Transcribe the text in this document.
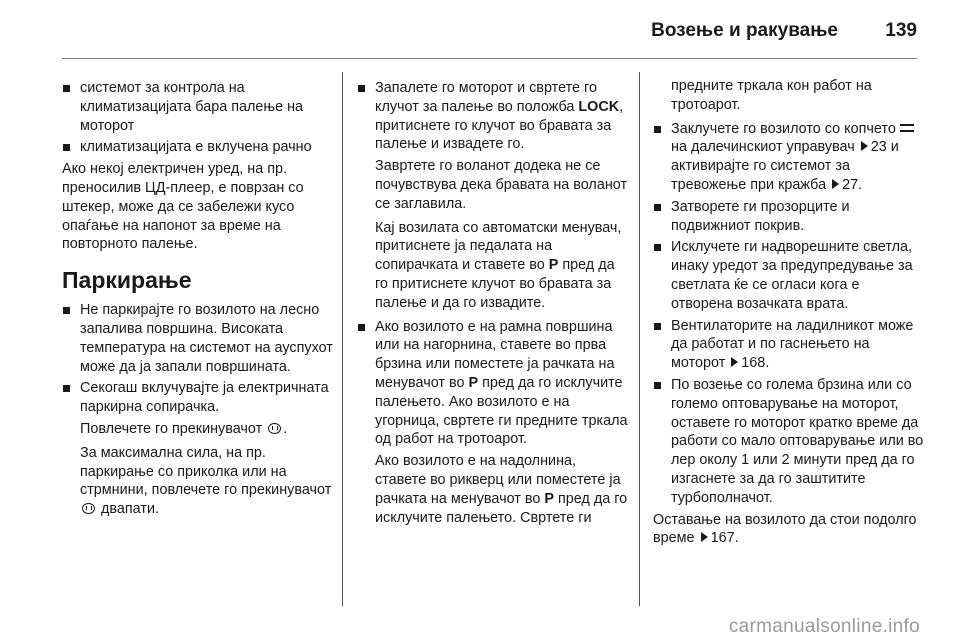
Возење и ракување 139
системот за контрола на климатизацијата бара палење на моторот
климатизацијата е вклучена рачно
Ако некој електричен уред, на пр. преносилив ЦД-плеер, е поврзан со штекер, може да се забележи кусо опаѓање на напонот за време на повторното палење.
Паркирање
Не паркирајте го возилото на лесно запалива површина. Високата температура на системот на ауспухот може да ја запали површината.
Секогаш вклучувајте ја електричната паркирна сопирачка.
Повлечете го прекинувачот .
За максимална сила, на пр. паркирање со приколка или на стрмнини, повлечете го прекинувачот  двапати.
Запалете го моторот и свртете го клучот за палење во положба LOCK, притиснете го клучот во бравата за палење и извадете го.
Завртете го воланот додека не се почувствува дека бравата на воланот се заглавила.
Кај возилата со автоматски менувач, притиснете ја педалата на сопирачката и ставете во P пред да го притиснете клучот во бравата за палење и да го извадите.
Ако возилото е на рамна површина или на нагорнина, ставете во прва брзина или поместете ја рачката на менувачот во P пред да го исклучите палењето. Ако возилото е на угорница, свртете ги предните тркала од работ на тротоарот.
Ако возилото е на надолнина, ставете во рикверц или поместете ја рачката на менувачот во P пред да го исклучите палењето. Свртете ги
предните тркала кон работ на тротоарот.
Заклучете го возилото со копчето на далечинскиот управувач 23 и активирајте го системот за тревожење при кражба 27.
Затворете ги прозорците и подвижниот покрив.
Исклучете ги надворешните светла, инаку уредот за предупредување за светлата ќе се огласи кога е отворена возачката врата.
Вентилаторите на ладилникот може да работат и по гаснењето на моторот 168.
По возење со голема брзина или со големо оптоварување на моторот, оставете го моторот кратко време да работи со мало оптоварување или во лер околу 1 или 2 минути пред да го изгаснете за да го заштитите турбополначот.
Оставање на возилото да стои подолго време 167.
carmanualsonline.info
